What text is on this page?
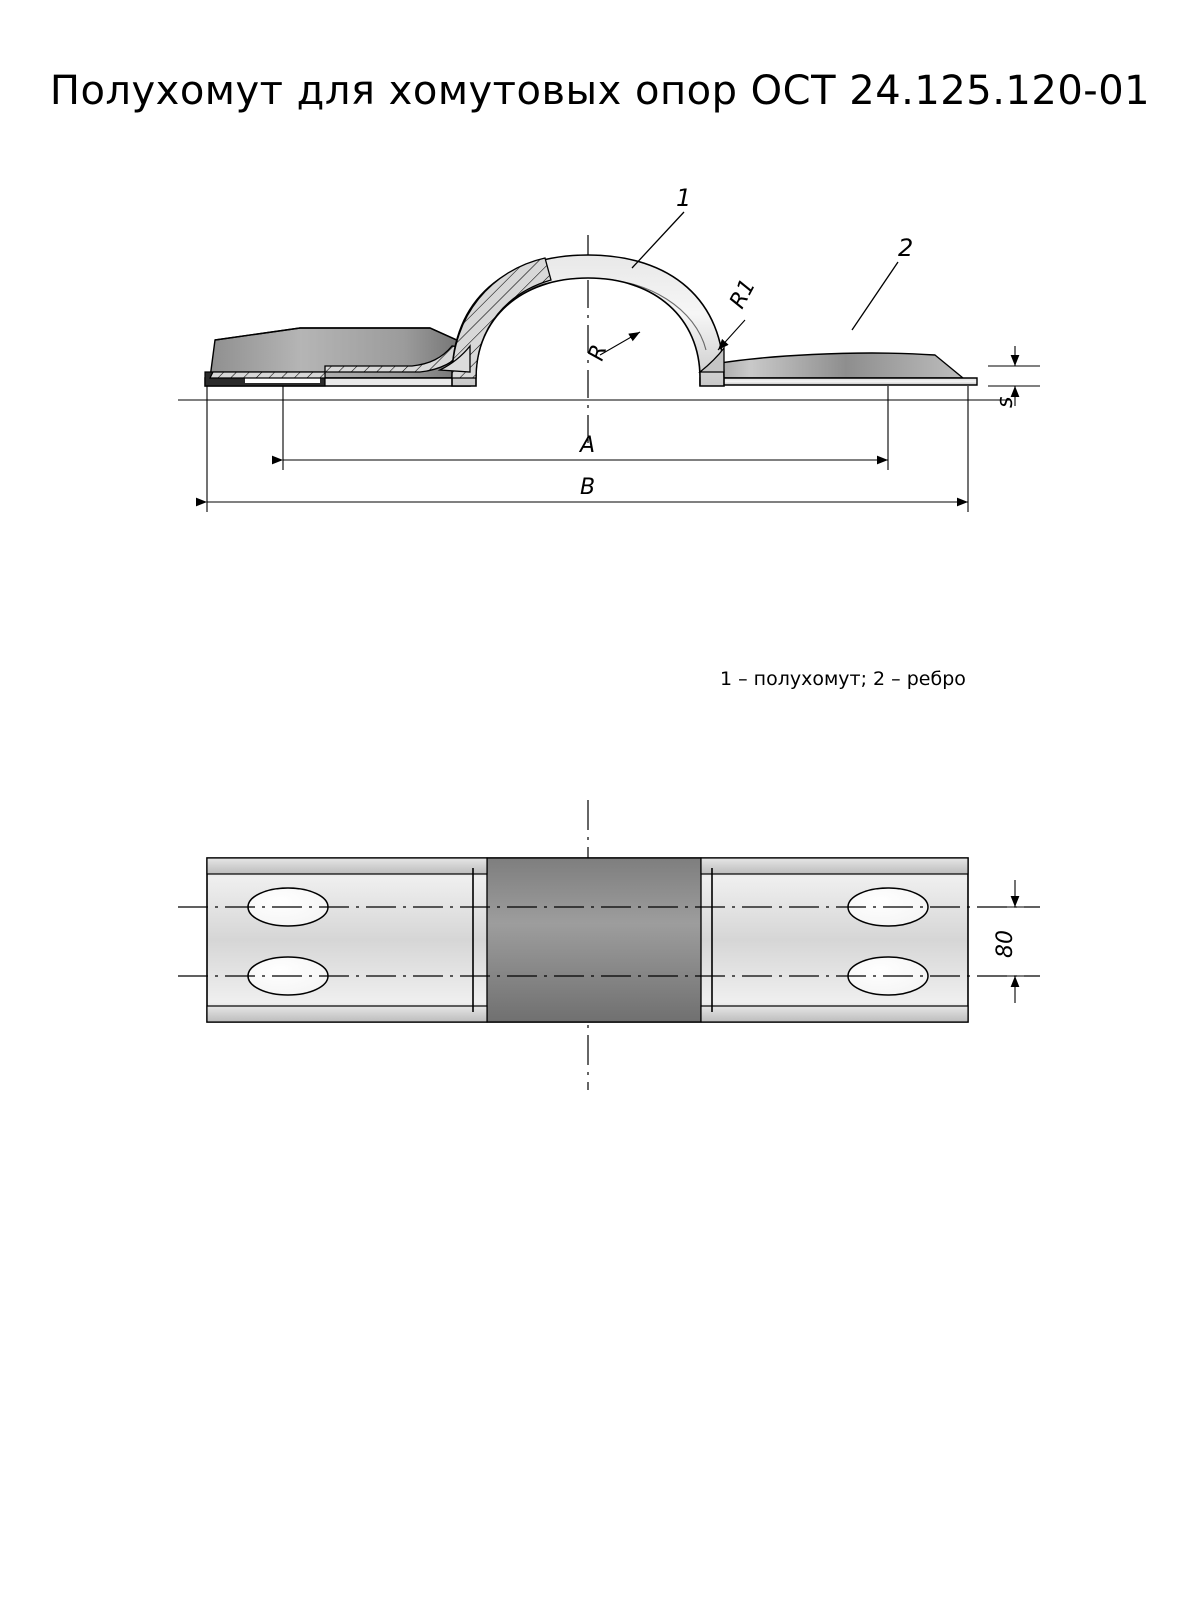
Полухомут для хомутовых опор ОСТ 24.125.120-01
1
2
A
B
s
R
R1
1 – полухомут; 2 – ребро
80
